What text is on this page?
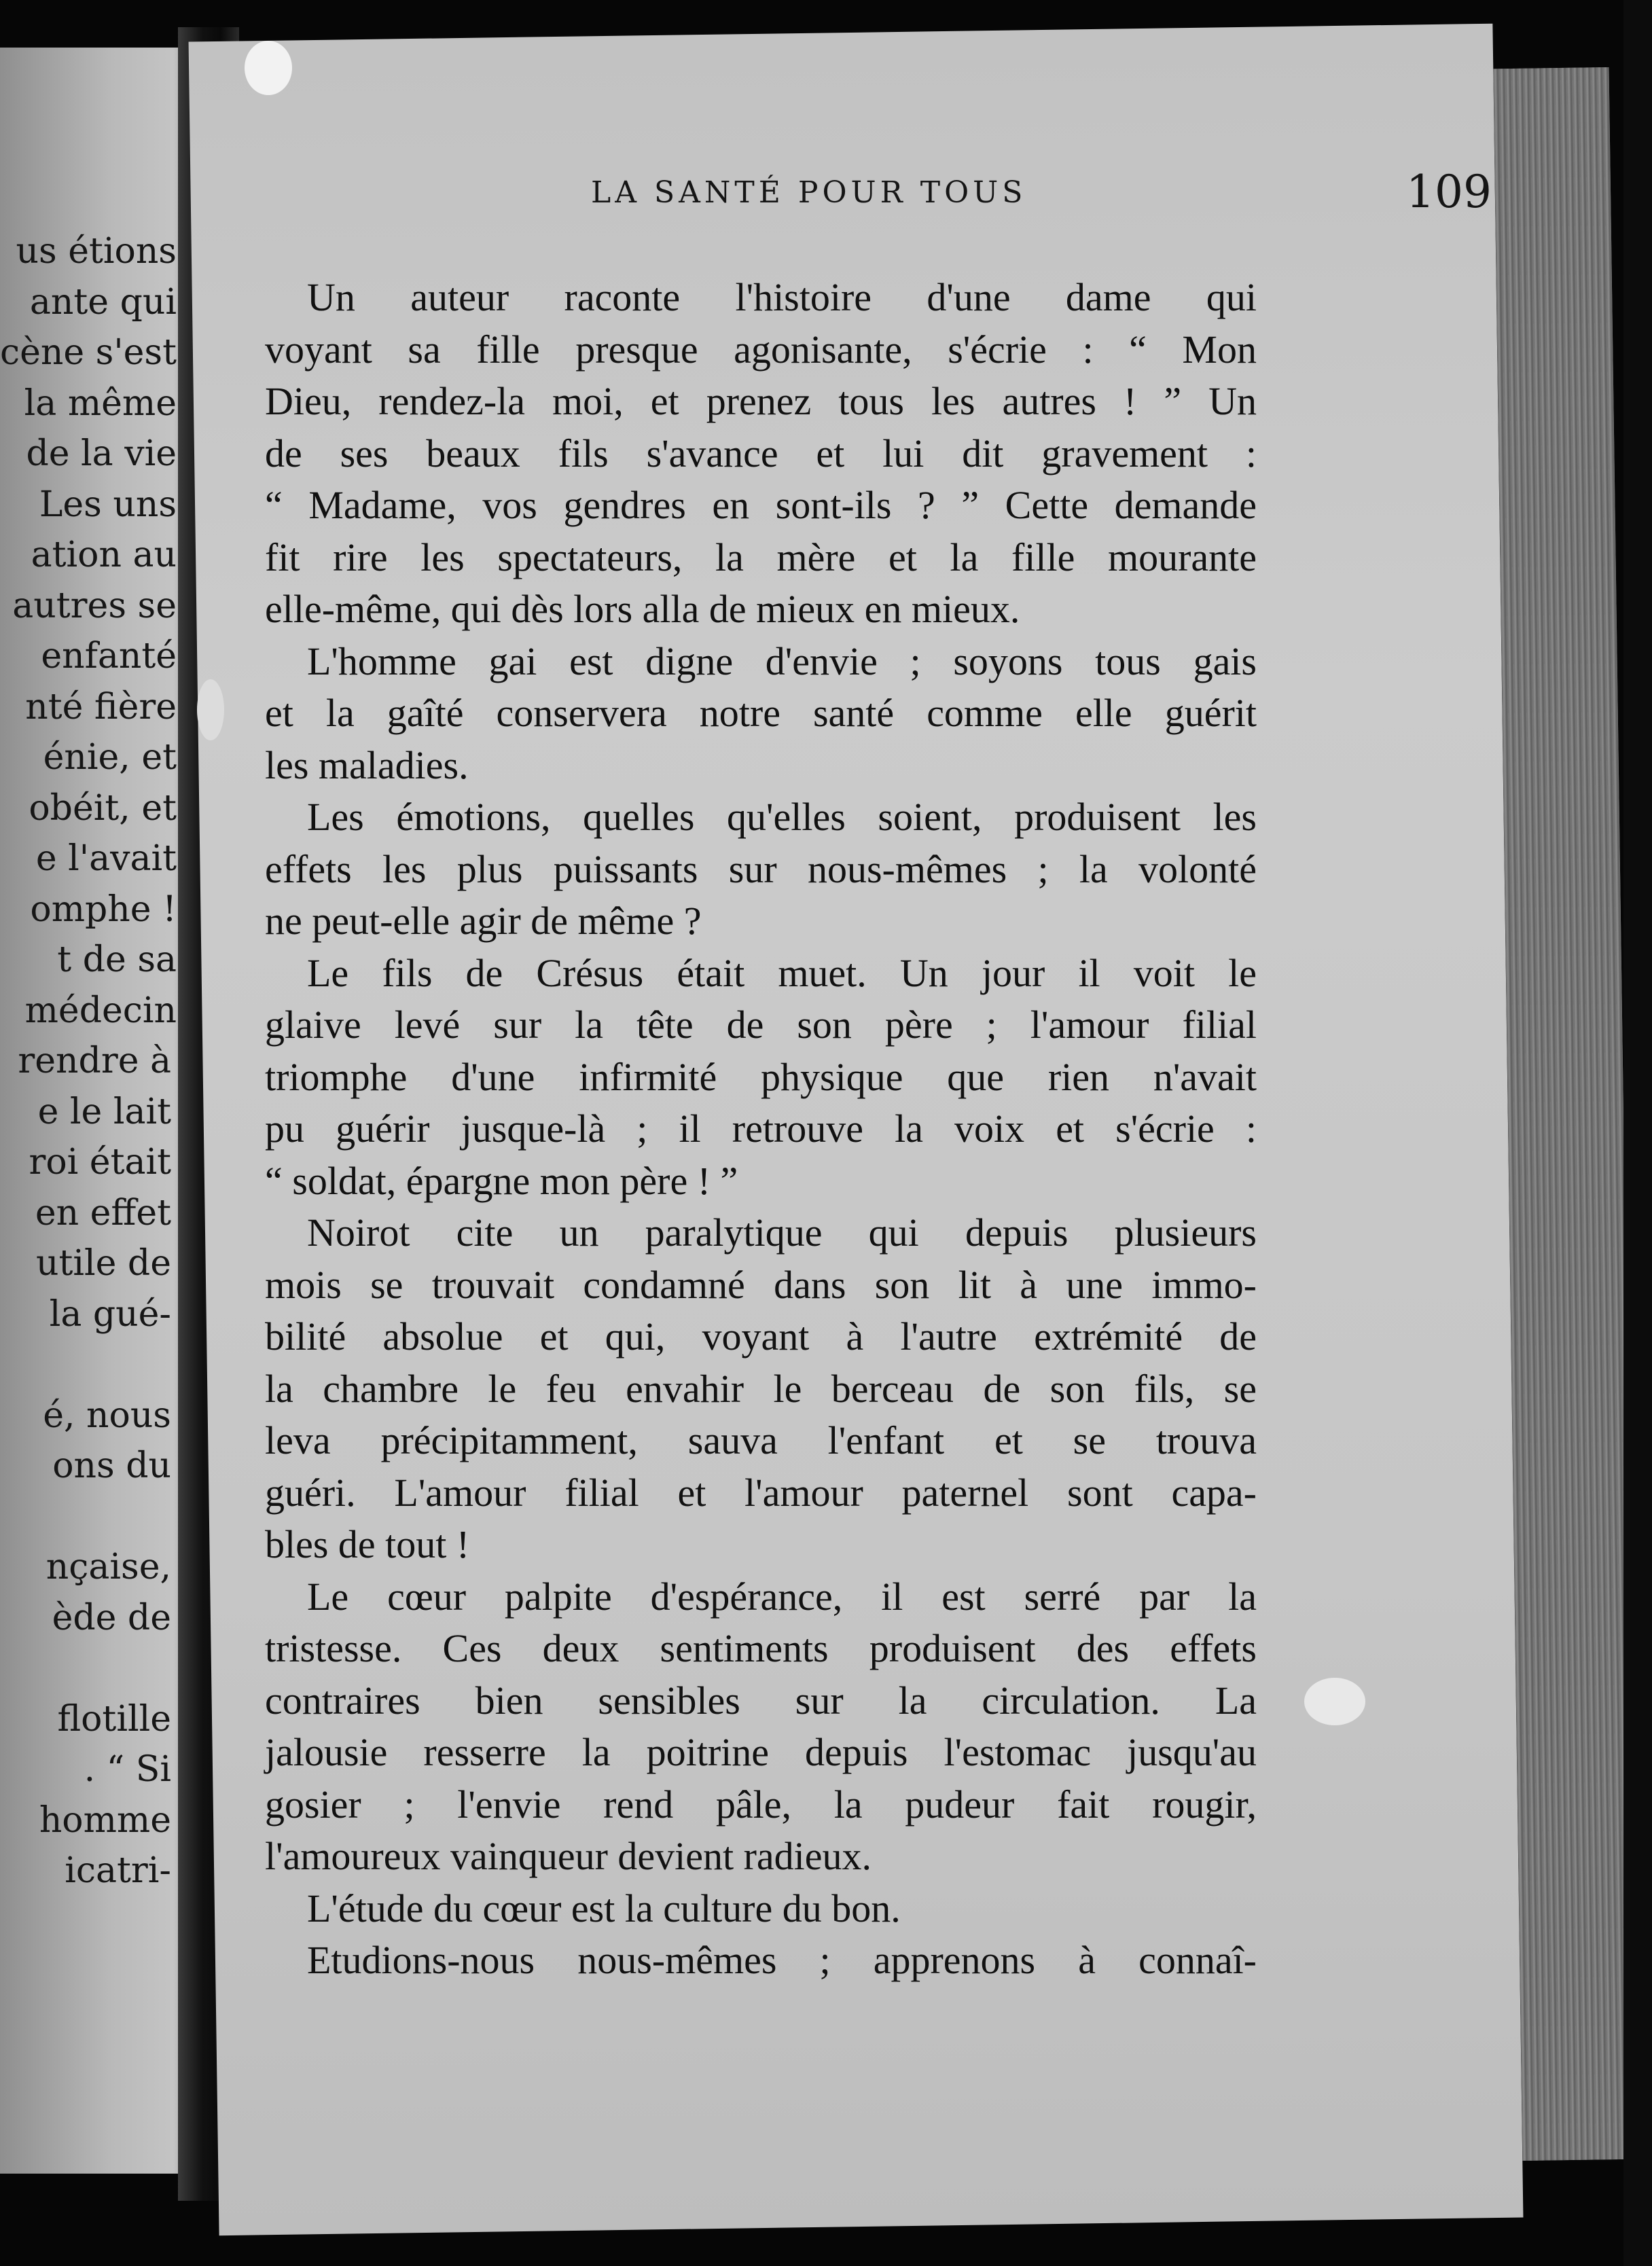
us étions
ante qui
cène s'est
la même
de la vie
Les uns
ation au
autres se
enfanté
nté fière
énie, et
obéit, et
e l'avait
omphe !
t de sa
médecin
rendre à
e le lait
roi était
en effet
utile de
la gué-
é, nous
ons du
nçaise,
ède de
flotille
. “ Si
homme
icatri-
LA SANTÉ POUR TOUS	109
Un auteur raconte l'histoire d'une dame qui
voyant sa fille presque agonisante, s'écrie : “ Mon
Dieu, rendez-la moi, et prenez tous les autres ! ” Un
de ses beaux fils s'avance et lui dit gravement :
“ Madame, vos gendres en sont-ils ? ” Cette demande
fit rire les spectateurs, la mère et la fille mourante
elle-même, qui dès lors alla de mieux en mieux.
L'homme gai est digne d'envie ; soyons tous gais
et la gaîté conservera notre santé comme elle guérit
les maladies.
Les émotions, quelles qu'elles soient, produisent les
effets les plus puissants sur nous-mêmes ; la volonté
ne peut-elle agir de même ?
Le fils de Crésus était muet. Un jour il voit le
glaive levé sur la tête de son père ; l'amour filial
triomphe d'une infirmité physique que rien n'avait
pu guérir jusque-là ; il retrouve la voix et s'écrie :
“ soldat, épargne mon père ! ”
Noirot cite un paralytique qui depuis plusieurs
mois se trouvait condamné dans son lit à une immo-
bilité absolue et qui, voyant à l'autre extrémité de
la chambre le feu envahir le berceau de son fils, se
leva précipitamment, sauva l'enfant et se trouva
guéri. L'amour filial et l'amour paternel sont capa-
bles de tout !
Le cœur palpite d'espérance, il est serré par la
tristesse. Ces deux sentiments produisent des effets
contraires bien sensibles sur la circulation. La
jalousie resserre la poitrine depuis l'estomac jusqu'au
gosier ; l'envie rend pâle, la pudeur fait rougir,
l'amoureux vainqueur devient radieux.
L'étude du cœur est la culture du bon.
Etudions-nous nous-mêmes ; apprenons à connaî-
